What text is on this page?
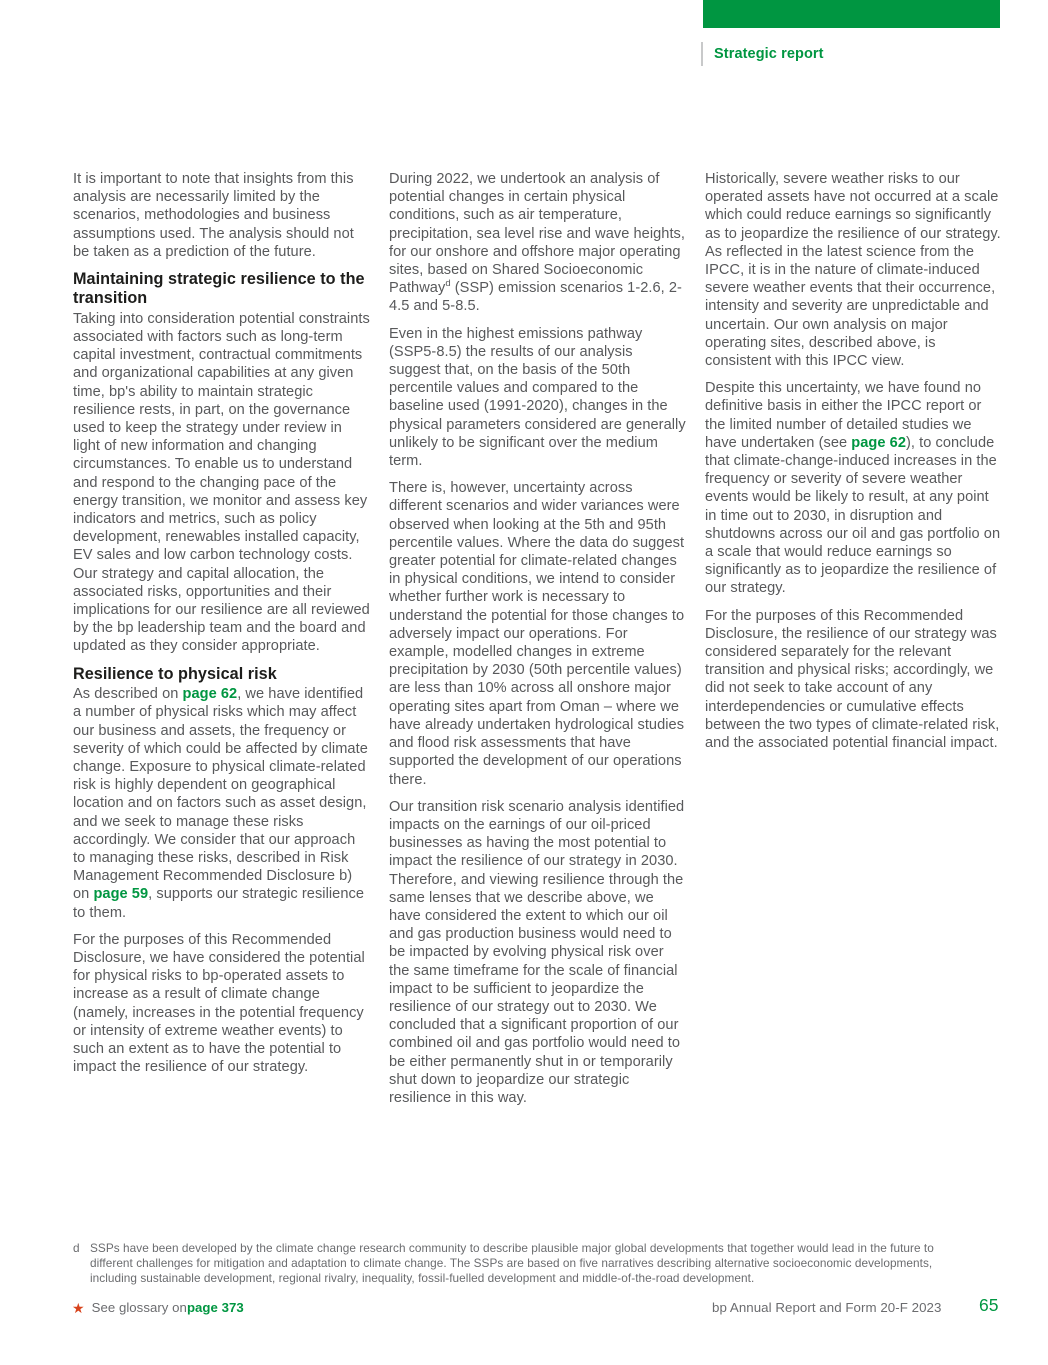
Strategic report

It is important to note that insights from this analysis are necessarily limited by the scenarios, methodologies and business assumptions used. The analysis should not be taken as a prediction of the future.

Maintaining strategic resilience to the transition

Taking into consideration potential constraints associated with factors such as long-term capital investment, contractual commitments and organizational capabilities at any given time, bp's ability to maintain strategic resilience rests, in part, on the governance used to keep the strategy under review in light of new information and changing circumstances. To enable us to understand and respond to the changing pace of the energy transition, we monitor and assess key indicators and metrics, such as policy development, renewables installed capacity, EV sales and low carbon technology costs. Our strategy and capital allocation, the associated risks, opportunities and their implications for our resilience are all reviewed by the bp leadership team and the board and updated as they consider appropriate.

Resilience to physical risk

As described on page 62, we have identified a number of physical risks which may affect our business and assets, the frequency or severity of which could be affected by climate change. Exposure to physical climate-related risk is highly dependent on geographical location and on factors such as asset design, and we seek to manage these risks accordingly. We consider that our approach to managing these risks, described in Risk Management Recommended Disclosure b) on page 59, supports our strategic resilience to them.

For the purposes of this Recommended Disclosure, we have considered the potential for physical risks to bp-operated assets to increase as a result of climate change (namely, increases in the potential frequency or intensity of extreme weather events) to such an extent as to have the potential to impact the resilience of our strategy.

During 2022, we undertook an analysis of potential changes in certain physical conditions, such as air temperature, precipitation, sea level rise and wave heights, for our onshore and offshore major operating sites, based on Shared Socioeconomic Pathway$^d$ (SSP) emission scenarios 1-2.6, 2-4.5 and 5-8.5.

Even in the highest emissions pathway (SSP5-8.5) the results of our analysis suggest that, on the basis of the 50th percentile values and compared to the baseline used (1991-2020), changes in the physical parameters considered are generally unlikely to be significant over the medium term.

There is, however, uncertainty across different scenarios and wider variances were observed when looking at the 5th and 95th percentile values. Where the data do suggest greater potential for climate-related changes in physical conditions, we intend to consider whether further work is necessary to understand the potential for those changes to adversely impact our operations. For example, modelled changes in extreme precipitation by 2030 (50th percentile values) are less than 10% across all onshore major operating sites apart from Oman – where we have already undertaken hydrological studies and flood risk assessments that have supported the development of our operations there.

Our transition risk scenario analysis identified impacts on the earnings of our oil-priced businesses as having the most potential to impact the resilience of our strategy in 2030. Therefore, and viewing resilience through the same lenses that we describe above, we have considered the extent to which our oil and gas production business would need to be impacted by evolving physical risk over the same timeframe for the scale of financial impact to be sufficient to jeopardize the resilience of our strategy out to 2030. We concluded that a significant proportion of our combined oil and gas portfolio would need to be either permanently shut in or temporarily shut down to jeopardize our strategic resilience in this way.

Historically, severe weather risks to our operated assets have not occurred at a scale which could reduce earnings so significantly as to jeopardize the resilience of our strategy. As reflected in the latest science from the IPCC, it is in the nature of climate-induced severe weather events that their occurrence, intensity and severity are unpredictable and uncertain. Our own analysis on major operating sites, described above, is consistent with this IPCC view.

Despite this uncertainty, we have found no definitive basis in either the IPCC report or the limited number of detailed studies we have undertaken (see page 62), to conclude that climate-change-induced increases in the frequency or severity of severe weather events would be likely to result, at any point in time out to 2030, in disruption and shutdowns across our oil and gas portfolio on a scale that would reduce earnings so significantly as to jeopardize the resilience of our strategy.

For the purposes of this Recommended Disclosure, the resilience of our strategy was considered separately for the relevant transition and physical risks; accordingly, we did not seek to take account of any interdependencies or cumulative effects between the two types of climate-related risk, and the associated potential financial impact.

d SSPs have been developed by the climate change research community to describe plausible major global developments that together would lead in the future to different challenges for mitigation and adaptation to climate change. The SSPs are based on five narratives describing alternative socioeconomic developments, including sustainable development, regional rivalry, inequality, fossil-fuelled development and middle-of-the-road development.
★ See glossary on page 373	bp Annual Report and Form 20-F 2023 65
